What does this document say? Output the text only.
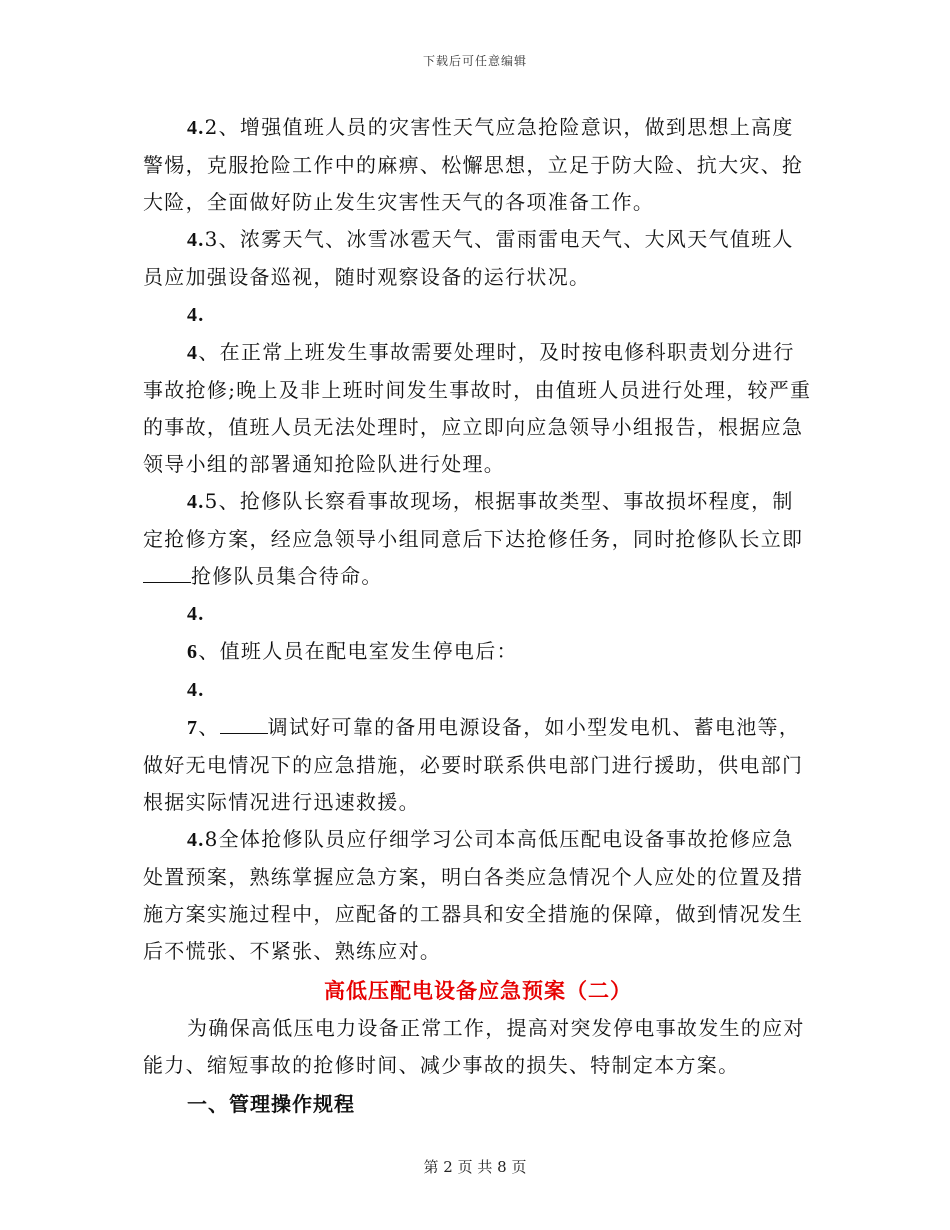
下载后可任意编辑
4.2、增强值班人员的灾害性天气应急抢险意识，做到思想上高度警惕，克服抢险工作中的麻痹、松懈思想，立足于防大险、抗大灾、抢大险，全面做好防止发生灾害性天气的各项准备工作。
4.3、浓雾天气、冰雪冰雹天气、雷雨雷电天气、大风天气值班人员应加强设备巡视，随时观察设备的运行状况。
4.
4、在正常上班发生事故需要处理时，及时按电修科职责划分进行事故抢修;晚上及非上班时间发生事故时，由值班人员进行处理，较严重的事故，值班人员无法处理时，应立即向应急领导小组报告，根据应急领导小组的部署通知抢险队进行处理。
4.5、抢修队长察看事故现场，根据事故类型、事故损坏程度，制定抢修方案，经应急领导小组同意后下达抢修任务，同时抢修队长立即抢修队员集合待命。
4.
6、值班人员在配电室发生停电后：
4.
7、 调试好可靠的备用电源设备，如小型发电机、蓄电池等，做好无电情况下的应急措施，必要时联系供电部门进行援助，供电部门根据实际情况进行迅速救援。
4.8全体抢修队员应仔细学习公司本高低压配电设备事故抢修应急处置预案，熟练掌握应急方案，明白各类应急情况个人应处的位置及措施方案实施过程中，应配备的工器具和安全措施的保障，做到情况发生后不慌张、不紧张、熟练应对。
高低压配电设备应急预案（二）
为确保高低压电力设备正常工作，提高对突发停电事故发生的应对能力、缩短事故的抢修时间、减少事故的损失、特制定本方案。
一、管理操作规程
第 2 页 共 8 页
